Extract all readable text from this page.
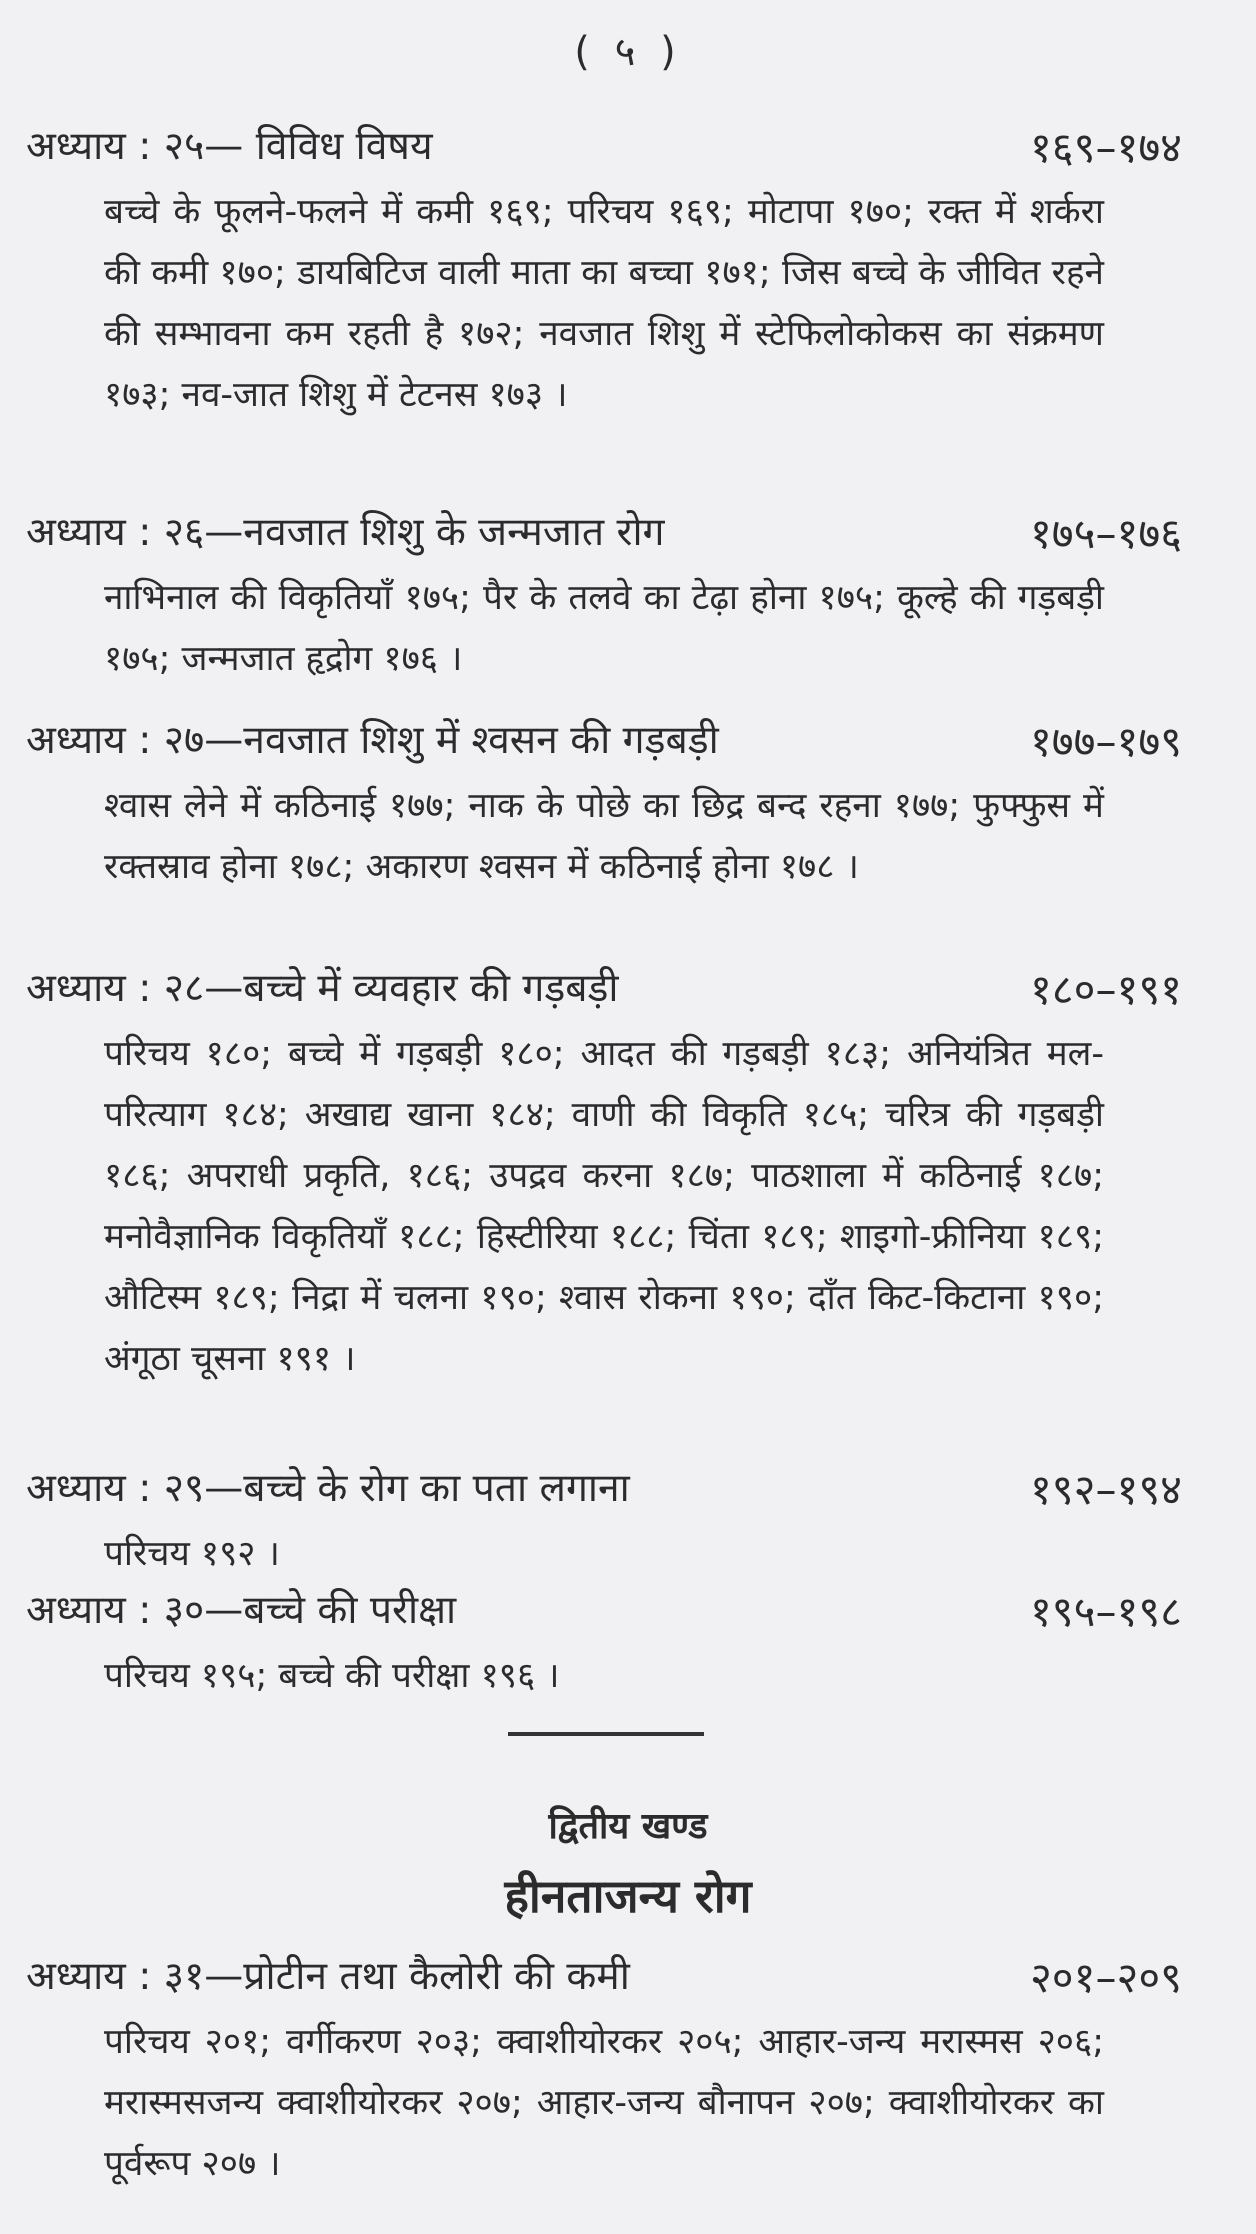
( ५ )
अध्याय : २५— विविध विषय	१६९–१७४
बच्चे के फूलने-फलने में कमी १६९; परिचय १६९; मोटापा १७०; रक्त में शर्करा की कमी १७०; डायबिटिज वाली माता का बच्चा १७१; जिस बच्चे के जीवित रहने की सम्भावना कम रहती है १७२; नवजात शिशु में स्टेफिलोकोकस का संक्रमण १७३; नव-जात शिशु में टेटनस १७३ ।
अध्याय : २६—नवजात शिशु के जन्मजात रोग	१७५–१७६
नाभिनाल की विकृतियाँ १७५; पैर के तलवे का टेढ़ा होना १७५; कूल्हे की गड़बड़ी १७५; जन्मजात हृद्रोग १७६ ।
अध्याय : २७—नवजात शिशु में श्वसन की गड़बड़ी	१७७–१७९
श्वास लेने में कठिनाई १७७; नाक के पोछे का छिद्र बन्द रहना १७७; फुफ्फुस में रक्तस्राव होना १७८; अकारण श्वसन में कठिनाई होना १७८ ।
अध्याय : २८—बच्चे में व्यवहार की गड़बड़ी	१८०–१९१
परिचय १८०; बच्चे में गड़बड़ी १८०; आदत की गड़बड़ी १८३; अनियंत्रित मल-परित्याग १८४; अखाद्य खाना १८४; वाणी की विकृति १८५; चरित्र की गड़बड़ी १८६; अपराधी प्रकृति, १८६; उपद्रव करना १८७; पाठशाला में कठिनाई १८७; मनोवैज्ञानिक विकृतियाँ १८८; हिस्टीरिया १८८; चिंता १८९; शाइगो-फ्रीनिया १८९; औटिस्म १८९; निद्रा में चलना १९०; श्वास रोकना १९०; दाँत किट-किटाना १९०; अंगूठा चूसना १९१ ।
अध्याय : २९—बच्चे के रोग का पता लगाना	१९२–१९४
परिचय १९२ ।
अध्याय : ३०—बच्चे की परीक्षा	१९५–१९८
परिचय १९५; बच्चे की परीक्षा १९६ ।
द्वितीय खण्ड
हीनताजन्य रोग
अध्याय : ३१—प्रोटीन तथा कैलोरी की कमी	२०१–२०९
परिचय २०१; वर्गीकरण २०३; क्वाशीयोरकर २०५; आहार-जन्य मरास्मस २०६; मरास्मसजन्य क्वाशीयोरकर २०७; आहार-जन्य बौनापन २०७; क्वाशीयोरकर का पूर्वरूप २०७ ।
